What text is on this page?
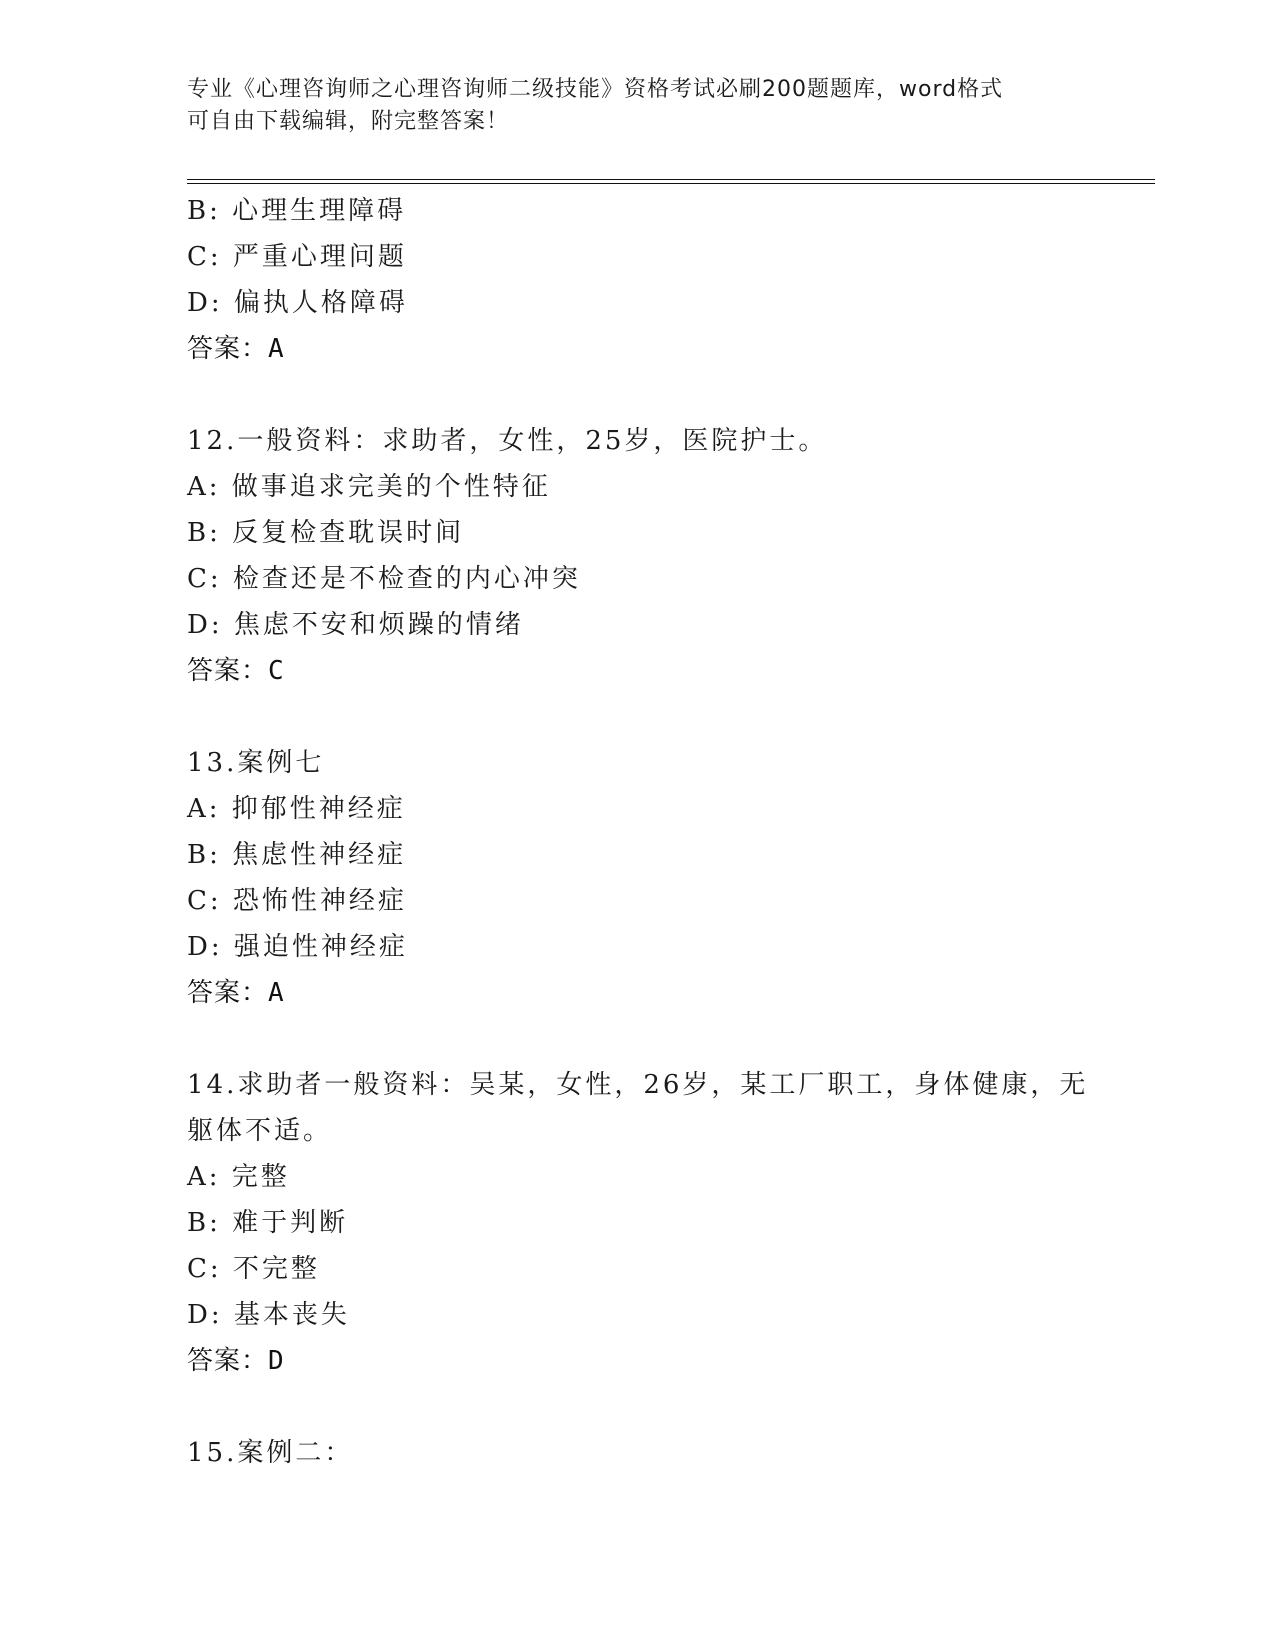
专业《心理咨询师之心理咨询师二级技能》资格考试必刷200题题库，word格式
可自由下载编辑，附完整答案！
B: 心理生理障碍
C: 严重心理问题
D: 偏执人格障碍
答案：A
12.一般资料：求助者，女性，25岁，医院护士。
A: 做事追求完美的个性特征
B: 反复检查耽误时间
C: 检查还是不检查的内心冲突
D: 焦虑不安和烦躁的情绪
答案：C
13.案例七
A: 抑郁性神经症
B: 焦虑性神经症
C: 恐怖性神经症
D: 强迫性神经症
答案：A
14.求助者一般资料：吴某，女性，26岁，某工厂职工，身体健康，无
躯体不适。
A: 完整
B: 难于判断
C: 不完整
D: 基本丧失
答案：D
15.案例二：
